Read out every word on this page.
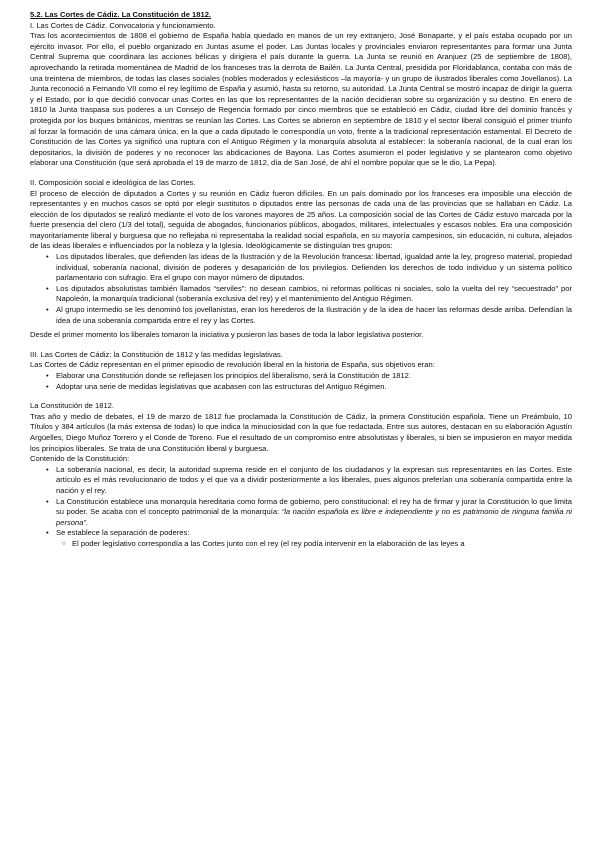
5.2. Las Cortes de Cádiz. La Constitución de 1812.

I. Las Cortes de Cádiz. Convocatoria y funcionamiento.

Tras los acontecimientos de 1808 el gobierno de España había quedado en manos de un rey extranjero, José Bonaparte, y el país estaba ocupado por un ejército invasor. Por ello, el pueblo organizado en Juntas asume el poder. Las Juntas locales y provinciales enviaron representantes para formar una Junta Central Suprema que coordinara las acciones bélicas y dirigiera el país durante la guerra. La Junta se reunió en Aranjuez (25 de septiembre de 1808), aprovechando la retirada momentánea de Madrid de los franceses tras la derrota de Bailén. La Junta Central, presidida por Floridablanca, contaba con más de una treintena de miembros, de todas las clases sociales (nobles moderados y eclesiásticos –la mayoría- y un grupo de ilustrados liberales como Jovellanos). La Junta reconoció a Fernando VII como el rey legítimo de España y asumió, hasta su retorno, su autoridad. La Junta Central se mostró incapaz de dirigir la guerra y el Estado, por lo que decidió convocar unas Cortes en las que los representantes de la nación decidieran sobre su organización y su destino. En enero de 1810 la Junta traspasa sus poderes a un Consejo de Regencia formado por cinco miembros que se estableció en Cádiz, ciudad libre del dominio francés y protegida por los buques británicos, mientras se reunían las Cortes. Las Cortes se abrieron en septiembre de 1810 y el sector liberal consiguió el primer triunfo al forzar la formación de una cámara única, en la que a cada diputado le correspondía un voto, frente a la tradicional representación estamental. El Decreto de Constitución de las Cortes ya significó una ruptura con el Antiguo Régimen y la monarquía absoluta al establecer: la soberanía nacional, de la cual eran los depositarios, la división de poderes y no reconocer las abdicaciones de Bayona. Las Cortes asumieron el poder legislativo y se plantearon como objetivo elaborar una Constitución (que será aprobada el 19 de marzo de 1812, día de San José, de ahí el nombre popular que se le dio, La Pepa).

II. Composición social e ideológica de las Cortes.

El proceso de elección de diputados a Cortes y su reunión en Cádiz fueron difíciles. En un país dominado por los franceses era imposible una elección de representantes y en muchos casos se optó por elegir sustitutos o diputados entre las personas de cada una de las provincias que se hallaban en Cádiz. La elección de los diputados se realizó mediante el voto de los varones mayores de 25 años. La composición social de las Cortes de Cádiz estuvo marcada por la fuerte presencia del clero (1/3 del total), seguida de abogados, funcionarios públicos, abogados, militares, intelectuales y escasos nobles. Era una composición mayoritariamente liberal y burguesa que no reflejaba ni representaba la realidad social española, en su mayoría campesinos, sin educación, ni cultura, alejados de las ideas liberales e influenciados por la nobleza y la Iglesia. Ideológicamente se distinguían tres grupos:

• Los diputados liberales, que defienden las ideas de la Ilustración y de la Revolución francesa: libertad, igualdad ante la ley, progreso material, propiedad individual, soberanía nacional, división de poderes y desaparición de los privilegios. Defienden los derechos de todo individuo y un sistema político parlamentario con sufragio. Era el grupo con mayor número de diputados.
• Los diputados absolutistas también llamados “serviles”: no desean cambios, ni reformas políticas ni sociales, solo la vuelta del rey “secuestrado” por Napoleón, la monarquía tradicional (soberanía exclusiva del rey) y el mantenimiento del Antiguo Régimen.
• Al grupo intermedio se les denominó los jovellanistas, eran los herederos de la Ilustración y de la idea de hacer las reformas desde arriba. Defendían la idea de una soberanía compartida entre el rey y las Cortes.

Desde el primer momento los liberales tomaron la iniciativa y pusieron las bases de toda la labor legislativa posterior.

III. Las Cortes de Cádiz: la Constitución de 1812 y las medidas legislativas.

Las Cortes de Cádiz representan en el primer episodio de revolución liberal en la historia de España, sus objetivos eran:

• Elaborar una Constitución donde se reflejasen los principios del liberalismo, será la Constitución de 1812.
• Adoptar una serie de medidas legislativas que acabasen con las estructuras del Antiguo Régimen.

La Constitución de 1812.

Tras año y medio de debates, el 19 de marzo de 1812 fue proclamada la Constitución de Cádiz, la primera Constitución española. Tiene un Preámbulo, 10 Títulos y 384 artículos (la más extensa de todas) lo que indica la minuciosidad con la que fue redactada. Entre sus autores, destacan en su elaboración Agustín Argüelles, Diego Muñoz Torrero y el Conde de Toreno. Fue el resultado de un compromiso entre absolutistas y liberales, si bien se impusieron en mayor medida los principios liberales. Se trata de una Constitución liberal y burguesa.

Contenido de la Constitución:

• La soberanía nacional, es decir, la autoridad suprema reside en el conjunto de los ciudadanos y la expresan sus representantes en las Cortes. Este artículo es el más revolucionario de todos y el que va a dividir posteriormente a los liberales, pues algunos preferían una soberanía compartida entre la nación y el rey.
• La Constitución establece una monarquía hereditaria como forma de gobierno, pero constitucional: el rey ha de firmar y jurar la Constitución lo que limita su poder. Se acaba con el concepto patrimonial de la monarquía: “la nación española es libre e independiente y no es patrimonio de ninguna familia ni persona”.
• Se establece la separación de poderes:
○ El poder legislativo correspondía a las Cortes junto con el rey (el rey podía intervenir en la elaboración de las leyes a
